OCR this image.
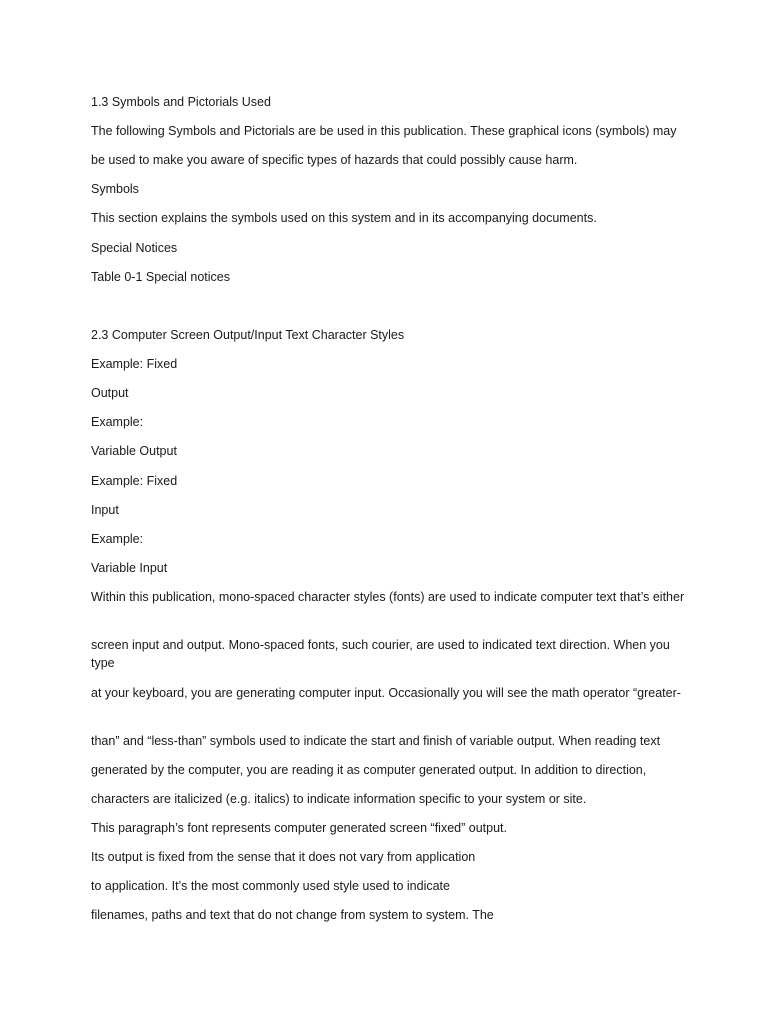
1.3 Symbols and Pictorials Used

The following Symbols and Pictorials are be used in this publication. These graphical icons (symbols) may

be used to make you aware of specific types of hazards that could possibly cause harm.

Symbols

This section explains the symbols used on this system and in its accompanying documents.

Special Notices

Table 0-1 Special notices

2.3 Computer Screen Output/Input Text Character Styles

Example: Fixed

Output

Example:

Variable Output

Example: Fixed

Input

Example:

Variable Input

Within this publication, mono-spaced character styles (fonts) are used to indicate computer text that’s either

screen input and output. Mono-spaced fonts, such courier, are used to indicated text direction. When you type

at your keyboard, you are generating computer input. Occasionally you will see the math operator “greater-

than” and “less-than” symbols used to indicate the start and finish of variable output. When reading text

generated by the computer, you are reading it as computer generated output. In addition to direction,

characters are italicized (e.g. italics) to indicate information specific to your system or site.

This paragraph’s font represents computer generated screen “fixed” output.

Its output is fixed from the sense that it does not vary from application

to application. It’s the most commonly used style used to indicate

filenames, paths and text that do not change from system to system. The
